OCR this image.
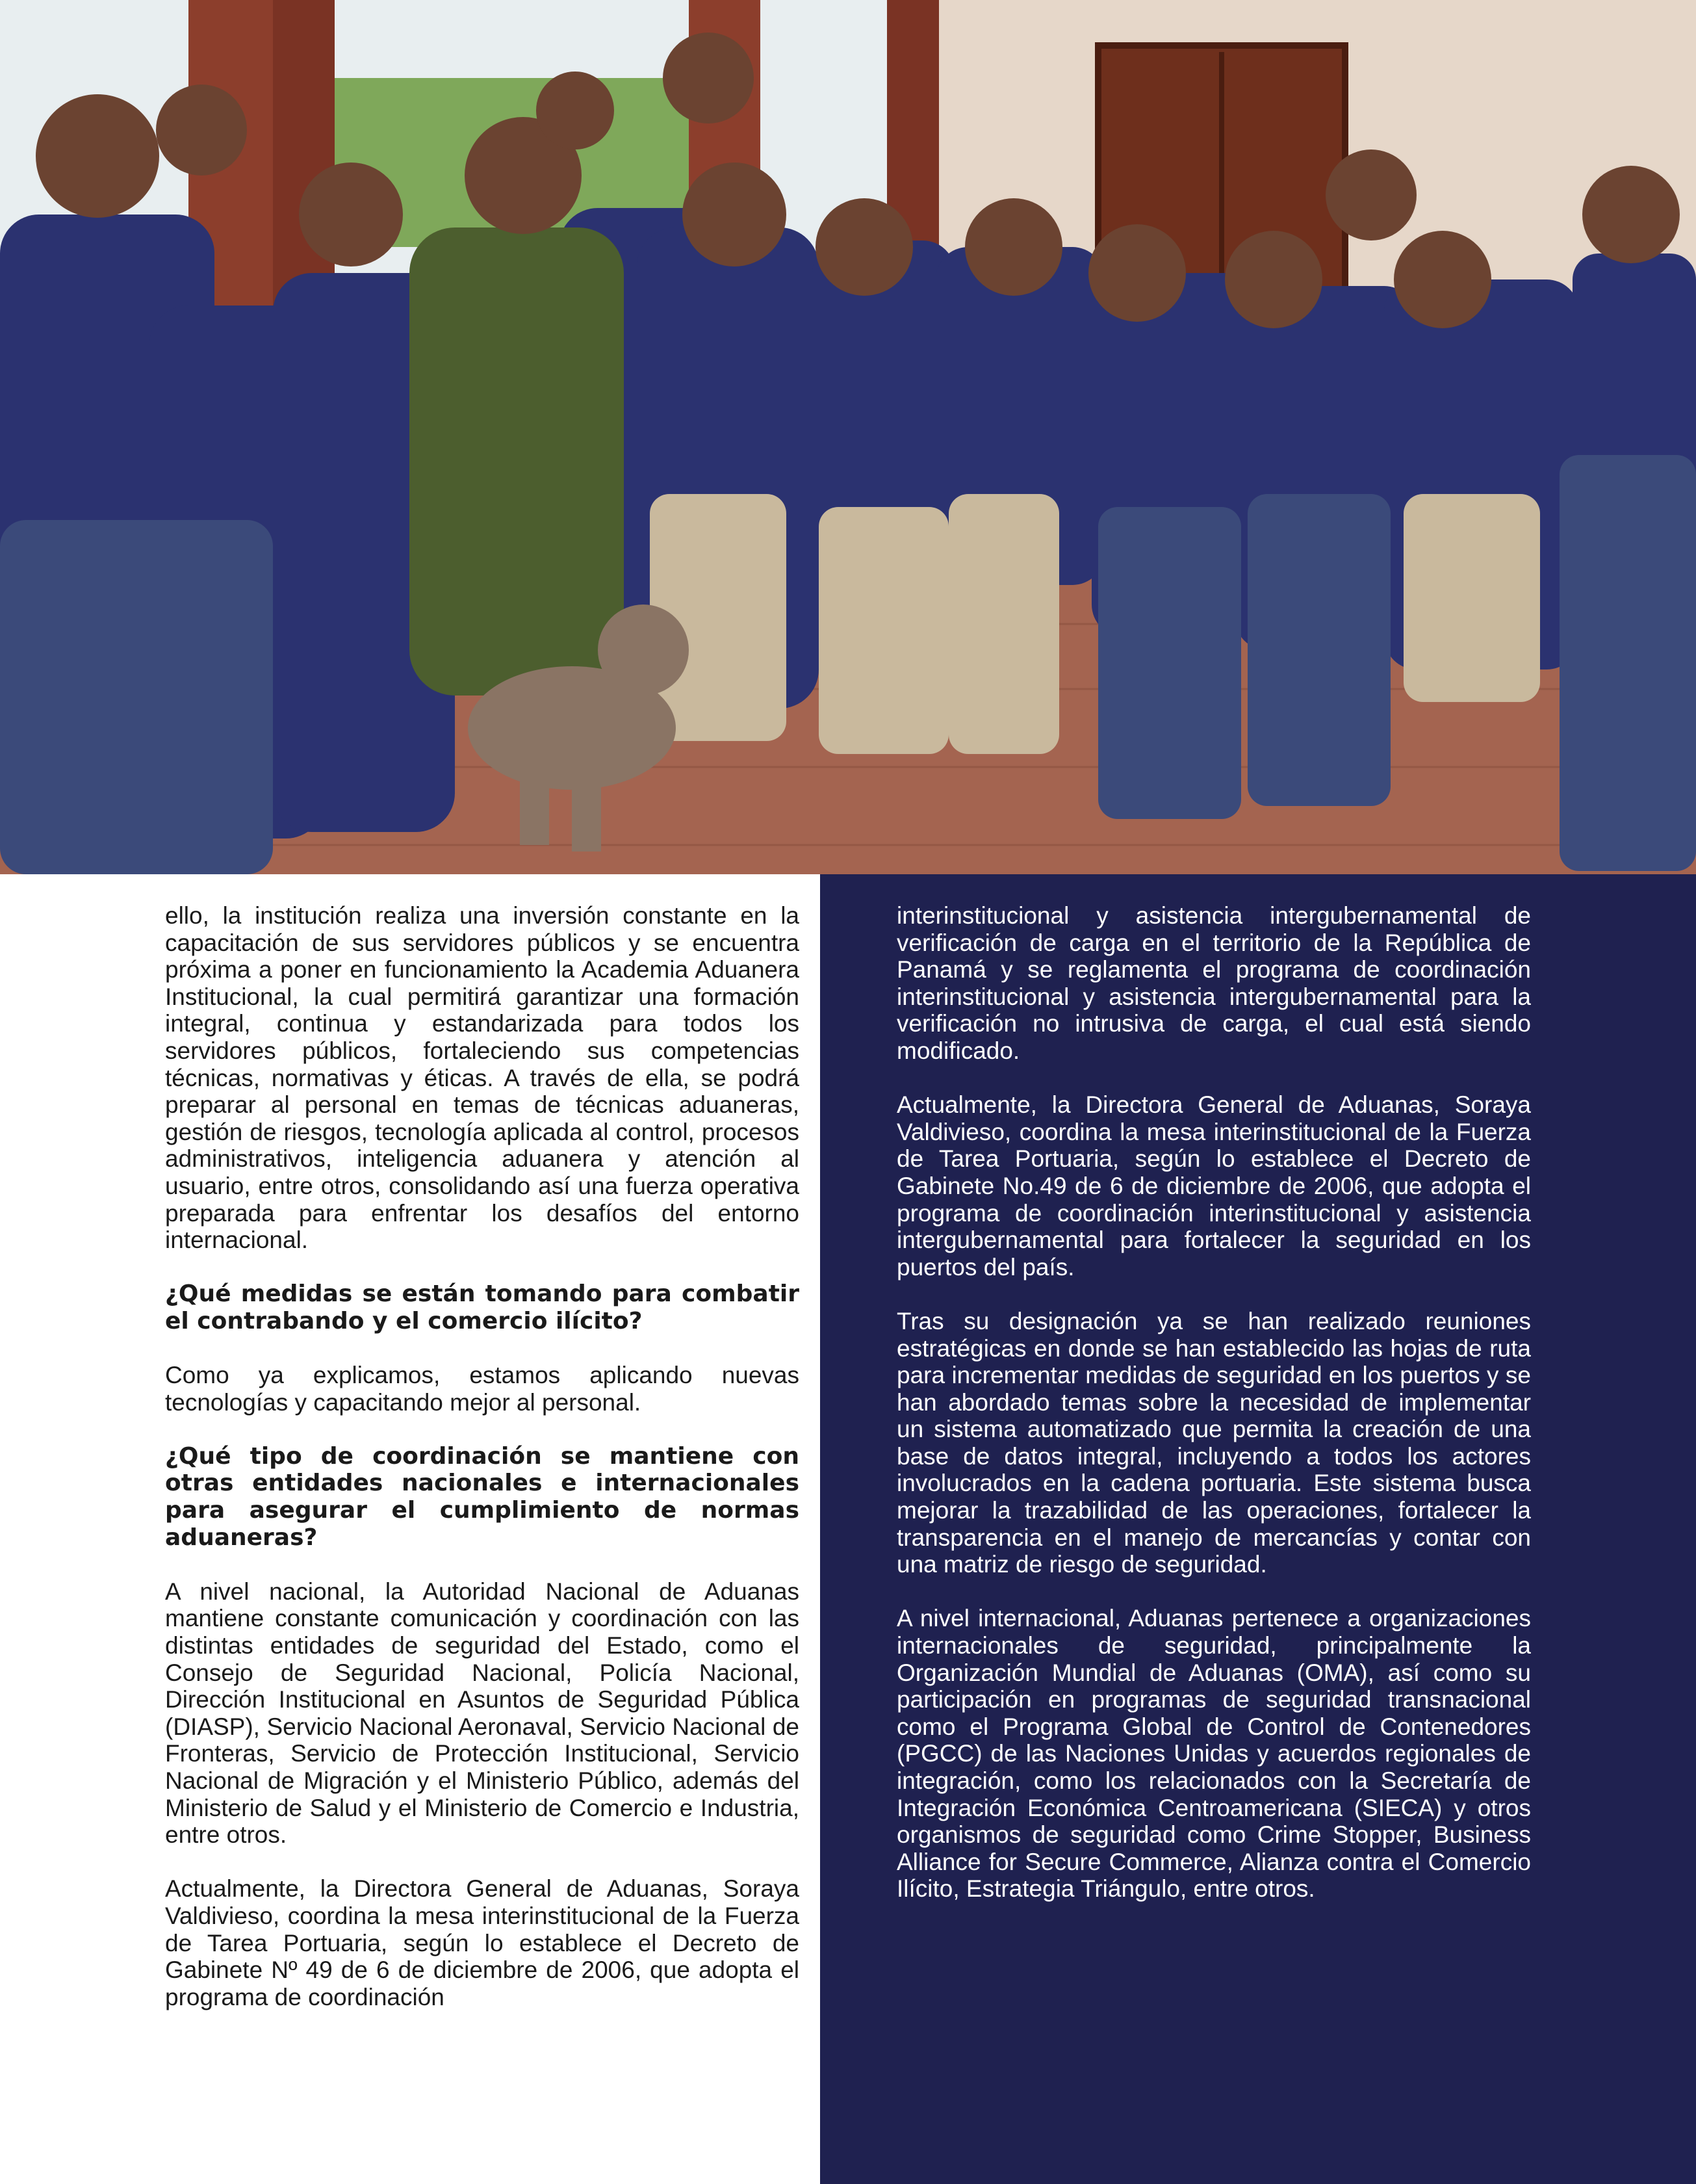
ello, la institución realiza una inversión constante en la capacitación de sus servidores públicos y se encuentra próxima a poner en funcionamiento la Academia Aduanera Institucional, la cual permitirá garantizar una formación integral, continua y estandarizada para todos los servidores públicos, fortaleciendo sus competencias técnicas, normativas y éticas. A través de ella, se podrá preparar al personal en temas de técnicas aduaneras, gestión de riesgos, tecnología aplicada al control, procesos administrativos, inteligencia aduanera y atención al usuario, entre otros, consolidando así una fuerza operativa preparada para enfrentar los desafíos del entorno internacional.

¿Qué medidas se están tomando para combatir el contrabando y el comercio ilícito?

Como ya explicamos, estamos aplicando nuevas tecnologías y capacitando mejor al personal.

¿Qué tipo de coordinación se mantiene con otras entidades nacionales e internacionales para asegurar el cumplimiento de normas aduaneras?

A nivel nacional, la Autoridad Nacional de Aduanas mantiene constante comunicación y coordinación con las distintas entidades de seguridad del Estado, como el Consejo de Seguridad Nacional, Policía Nacional, Dirección Institucional en Asuntos de Seguridad Pública (DIASP), Servicio Nacional Aeronaval, Servicio Nacional de Fronteras, Servicio de Protección Institucional, Servicio Nacional de Migración y el Ministerio Público, además del Ministerio de Salud y el Ministerio de Comercio e Industria, entre otros.

Actualmente, la Directora General de Aduanas, Soraya Valdivieso, coordina la mesa interinstitucional de la Fuerza de Tarea Portuaria, según lo establece el Decreto de Gabinete Nº 49 de 6 de diciembre de 2006, que adopta el programa de coordinación

interinstitucional y asistencia intergubernamental de verificación de carga en el territorio de la República de Panamá y se reglamenta el programa de coordinación interinstitucional y asistencia intergubernamental para la verificación no intrusiva de carga, el cual está siendo modificado.

Actualmente, la Directora General de Aduanas, Soraya Valdivieso, coordina la mesa interinstitucional de la Fuerza de Tarea Portuaria, según lo establece el Decreto de Gabinete No.49 de 6 de diciembre de 2006, que adopta el programa de coordinación interinstitucional y asistencia intergubernamental para fortalecer la seguridad en los puertos del país.

Tras su designación ya se han realizado reuniones estratégicas en donde se han establecido las hojas de ruta para incrementar medidas de seguridad en los puertos y se han abordado temas sobre la necesidad de implementar un sistema automatizado que permita la creación de una base de datos integral, incluyendo a todos los actores involucrados en la cadena portuaria. Este sistema busca mejorar la trazabilidad de las operaciones, fortalecer la transparencia en el manejo de mercancías y contar con una matriz de riesgo de seguridad.

A nivel internacional, Aduanas pertenece a organizaciones internacionales de seguridad, principalmente la Organización Mundial de Aduanas (OMA), así como su participación en programas de seguridad transnacional como el Programa Global de Control de Contenedores (PGCC) de las Naciones Unidas y acuerdos regionales de integración, como los relacionados con la Secretaría de Integración Económica Centroamericana (SIECA) y otros organismos de seguridad como Crime Stopper, Business Alliance for Secure Commerce, Alianza contra el Comercio Ilícito, Estrategia Triángulo, entre otros.
